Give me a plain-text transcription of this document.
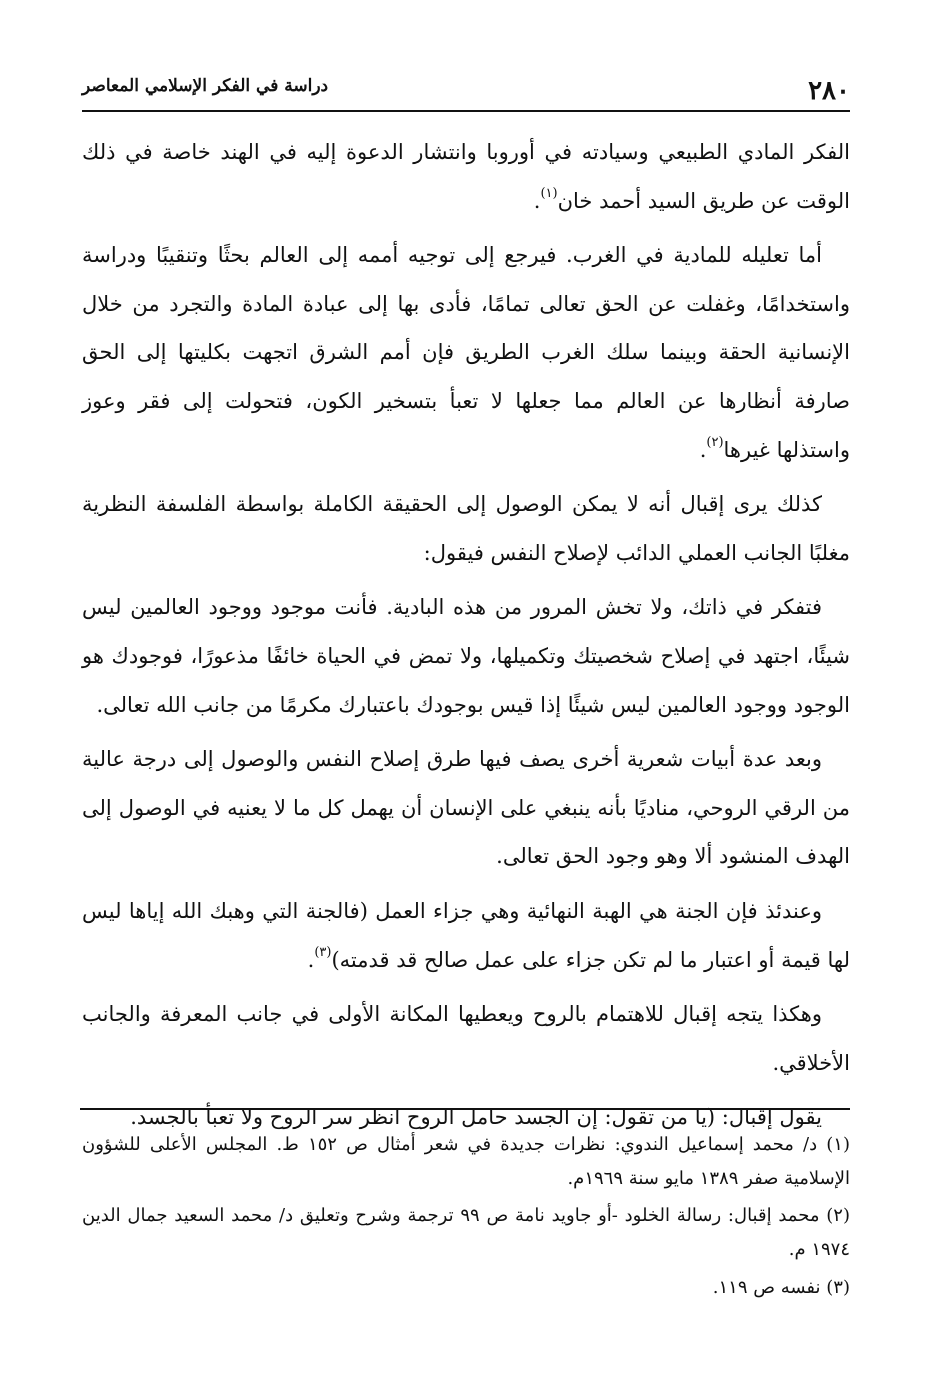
٢٨٠
دراسة في الفكر الإسلامي المعاصر

الفكر المادي الطبيعي وسيادته في أوروبا وانتشار الدعوة إليه في الهند خاصة في ذلك الوقت عن طريق السيد أحمد خان$^{(١)}$.

أما تعليله للمادية في الغرب. فيرجع إلى توجيه أممه إلى العالم بحثًا وتنقيبًا ودراسة واستخدامًا، وغفلت عن الحق تعالى تمامًا، فأدى بها إلى عبادة المادة والتجرد من خلال الإنسانية الحقة وبينما سلك الغرب الطريق فإن أمم الشرق اتجهت بكليتها إلى الحق صارفة أنظارها عن العالم مما جعلها لا تعبأ بتسخير الكون، فتحولت إلى فقر وعوز واستذلها غيرها$^{(٢)}$.

كذلك يرى إقبال أنه لا يمكن الوصول إلى الحقيقة الكاملة بواسطة الفلسفة النظرية مغلبًا الجانب العملي الدائب لإصلاح النفس فيقول:

فتفكر في ذاتك، ولا تخش المرور من هذه البادية. فأنت موجود ووجود العالمين ليس شيئًا، اجتهد في إصلاح شخصيتك وتكميلها، ولا تمض في الحياة خائفًا مذعورًا، فوجودك هو الوجود ووجود العالمين ليس شيئًا إذا قيس بوجودك باعتبارك مكرمًا من جانب الله تعالى.

وبعد عدة أبيات شعرية أخرى يصف فيها طرق إصلاح النفس والوصول إلى درجة عالية من الرقي الروحي، مناديًا بأنه ينبغي على الإنسان أن يهمل كل ما لا يعنيه في الوصول إلى الهدف المنشود ألا وهو وجود الحق تعالى.

وعندئذ فإن الجنة هي الهبة النهائية وهي جزاء العمل (فالجنة التي وهبك الله إياها ليس لها قيمة أو اعتبار ما لم تكن جزاء على عمل صالح قد قدمته)$^{(٣)}$.

وهكذا يتجه إقبال للاهتمام بالروح ويعطيها المكانة الأولى في جانب المعرفة والجانب الأخلاقي.

يقول إقبال: (يا من تقول: إن الجسد حامل الروح انظر سر الروح ولا تعبأ بالجسد.

(١) د/ محمد إسماعيل الندوي: نظرات جديدة في شعر أمثال ص ١٥٢ ط. المجلس الأعلى للشؤون الإسلامية صفر ١٣٨٩ مايو سنة ١٩٦٩م.

(٢) محمد إقبال: رسالة الخلود -أو جاويد نامة ص ٩٩ ترجمة وشرح وتعليق د/ محمد السعيد جمال الدين ١٩٧٤ م.

(٣) نفسه ص ١١٩.
